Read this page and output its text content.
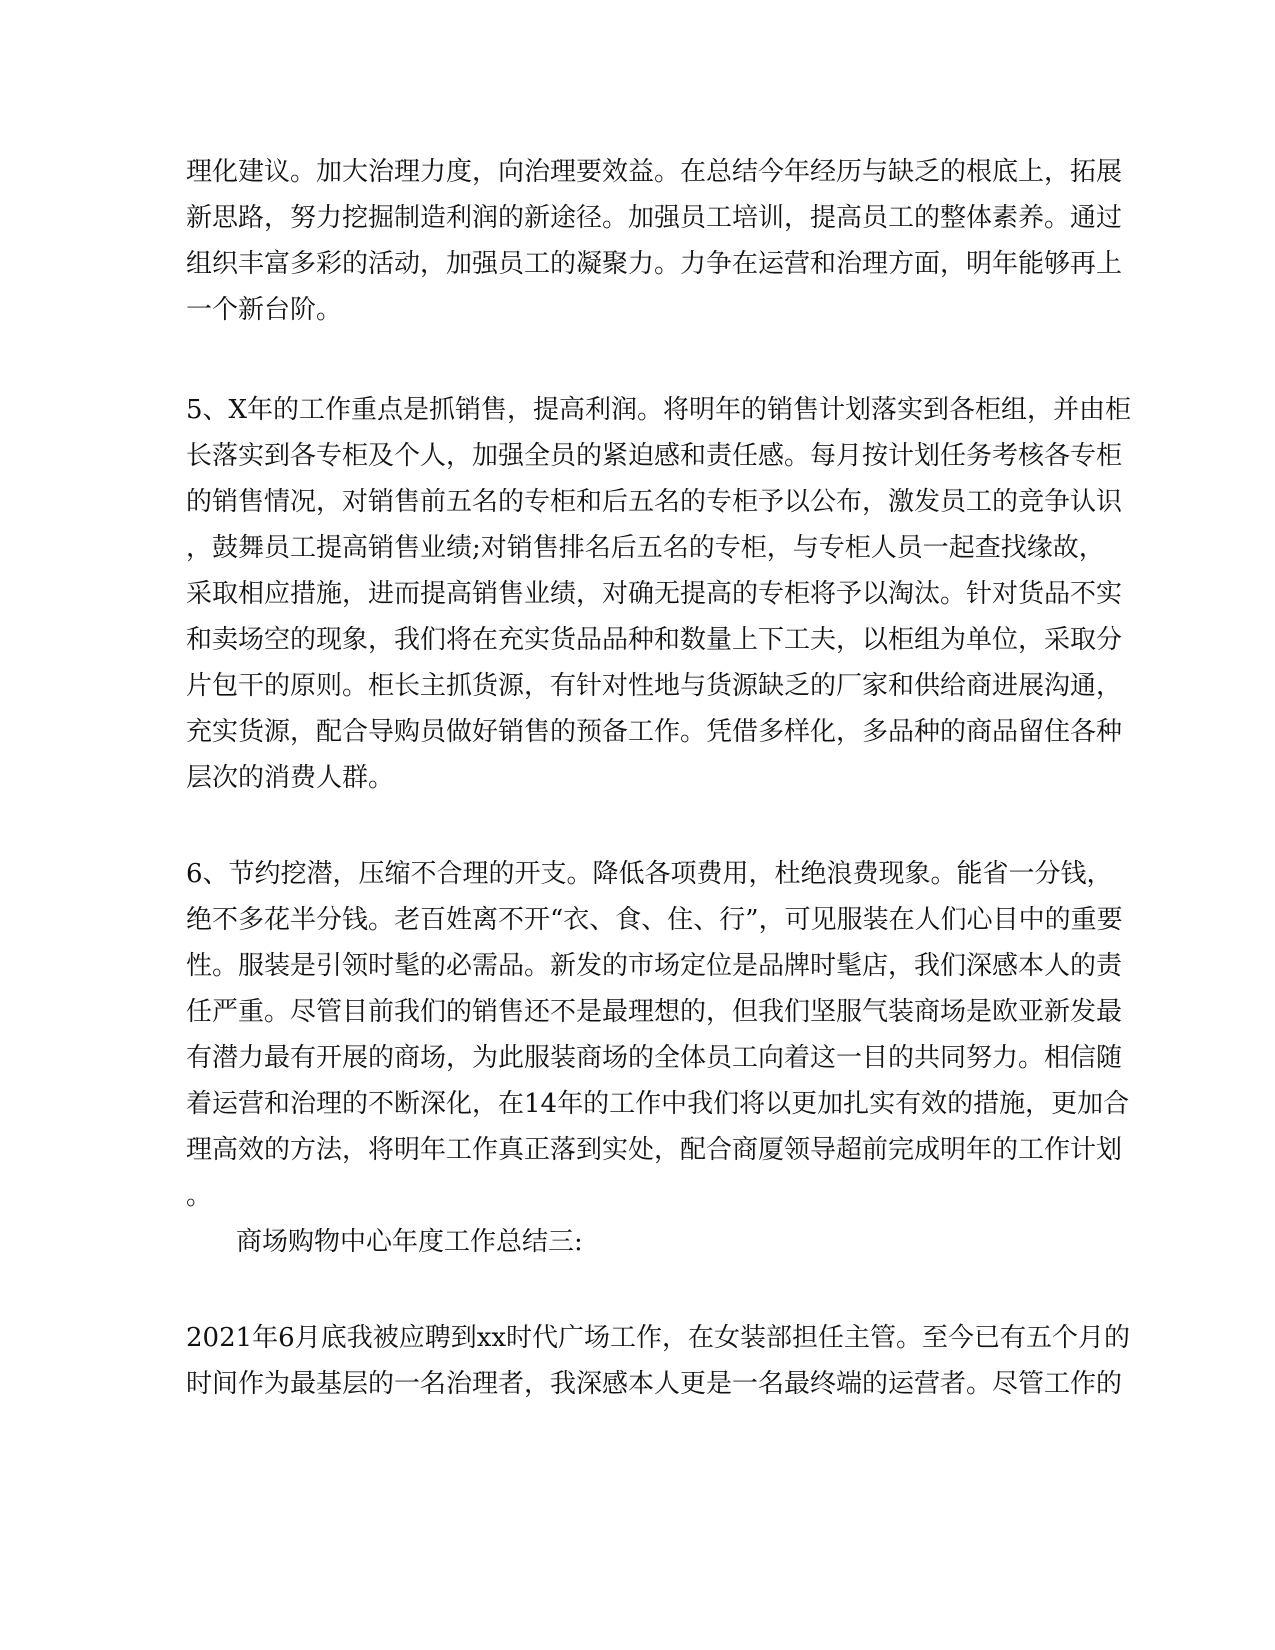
理化建议。加大治理力度，向治理要效益。在总结今年经历与缺乏的根底上，拓展
新思路，努力挖掘制造利润的新途径。加强员工培训，提高员工的整体素养。通过
组织丰富多彩的活动，加强员工的凝聚力。力争在运营和治理方面，明年能够再上
一个新台阶。
5、X年的工作重点是抓销售，提高利润。将明年的销售计划落实到各柜组，并由柜
长落实到各专柜及个人，加强全员的紧迫感和责任感。每月按计划任务考核各专柜
的销售情况，对销售前五名的专柜和后五名的专柜予以公布，激发员工的竞争认识
，鼓舞员工提高销售业绩;对销售排名后五名的专柜，与专柜人员一起查找缘故，
采取相应措施，进而提高销售业绩，对确无提高的专柜将予以淘汰。针对货品不实
和卖场空的现象，我们将在充实货品品种和数量上下工夫，以柜组为单位，采取分
片包干的原则。柜长主抓货源，有针对性地与货源缺乏的厂家和供给商进展沟通，
充实货源，配合导购员做好销售的预备工作。凭借多样化，多品种的商品留住各种
层次的消费人群。
6、节约挖潜，压缩不合理的开支。降低各项费用，杜绝浪费现象。能省一分钱，
绝不多花半分钱。老百姓离不开“衣、食、住、行”，可见服装在人们心目中的重要
性。服装是引领时髦的必需品。新发的市场定位是品牌时髦店，我们深感本人的责
任严重。尽管目前我们的销售还不是最理想的，但我们坚服气装商场是欧亚新发最
有潜力最有开展的商场，为此服装商场的全体员工向着这一目的共同努力。相信随
着运营和治理的不断深化，在14年的工作中我们将以更加扎实有效的措施，更加合
理高效的方法，将明年工作真正落到实处，配合商厦领导超前完成明年的工作计划
。
商场购物中心年度工作总结三:
2021年6月底我被应聘到xx时代广场工作，在女装部担任主管。至今已有五个月的
时间作为最基层的一名治理者，我深感本人更是一名最终端的运营者。尽管工作的
